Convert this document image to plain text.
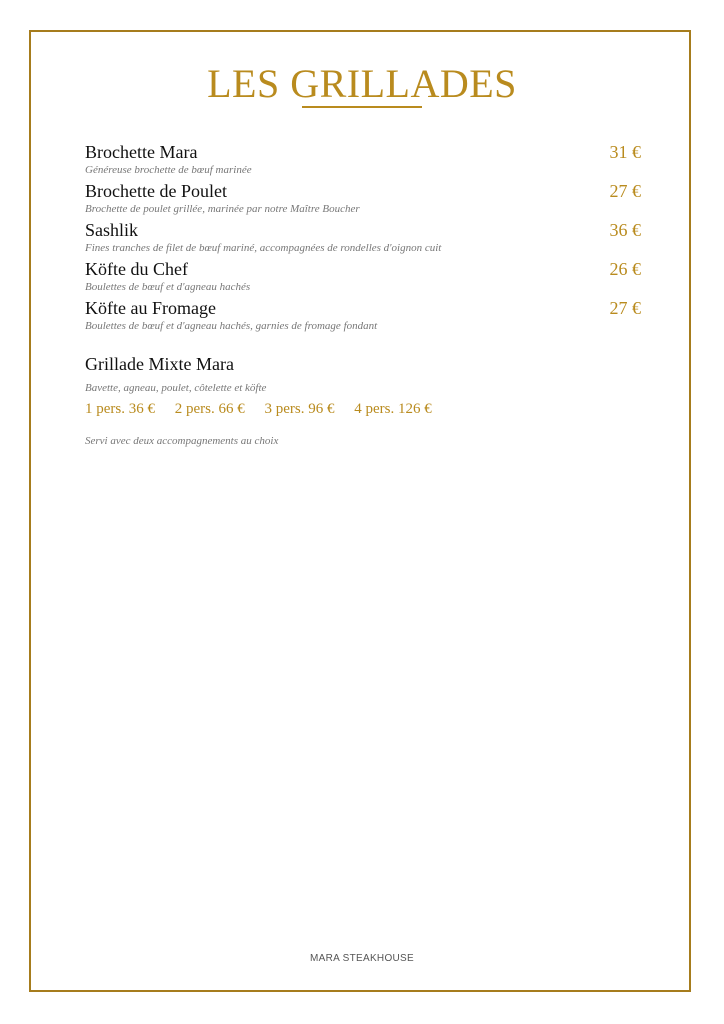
LES GRILLADES
Brochette Mara	31 €
Généreuse brochette de bœuf marinée
Brochette de Poulet	27 €
Brochette de poulet grillée, marinée par notre Maître Boucher
Sashlik	36 €
Fines tranches de filet de bœuf mariné, accompagnées de rondelles d'oignon cuit
Köfte du Chef	26 €
Boulettes de bœuf et d'agneau hachés
Köfte au Fromage	27 €
Boulettes de bœuf et d'agneau hachés, garnies de fromage fondant
Grillade Mixte Mara
Bavette, agneau, poulet, côtelette et köfte
1 pers. 36 € 2 pers. 66 € 3 pers. 96 € 4 pers. 126 €
Servi avec deux accompagnements au choix
MARA STEAKHOUSE
